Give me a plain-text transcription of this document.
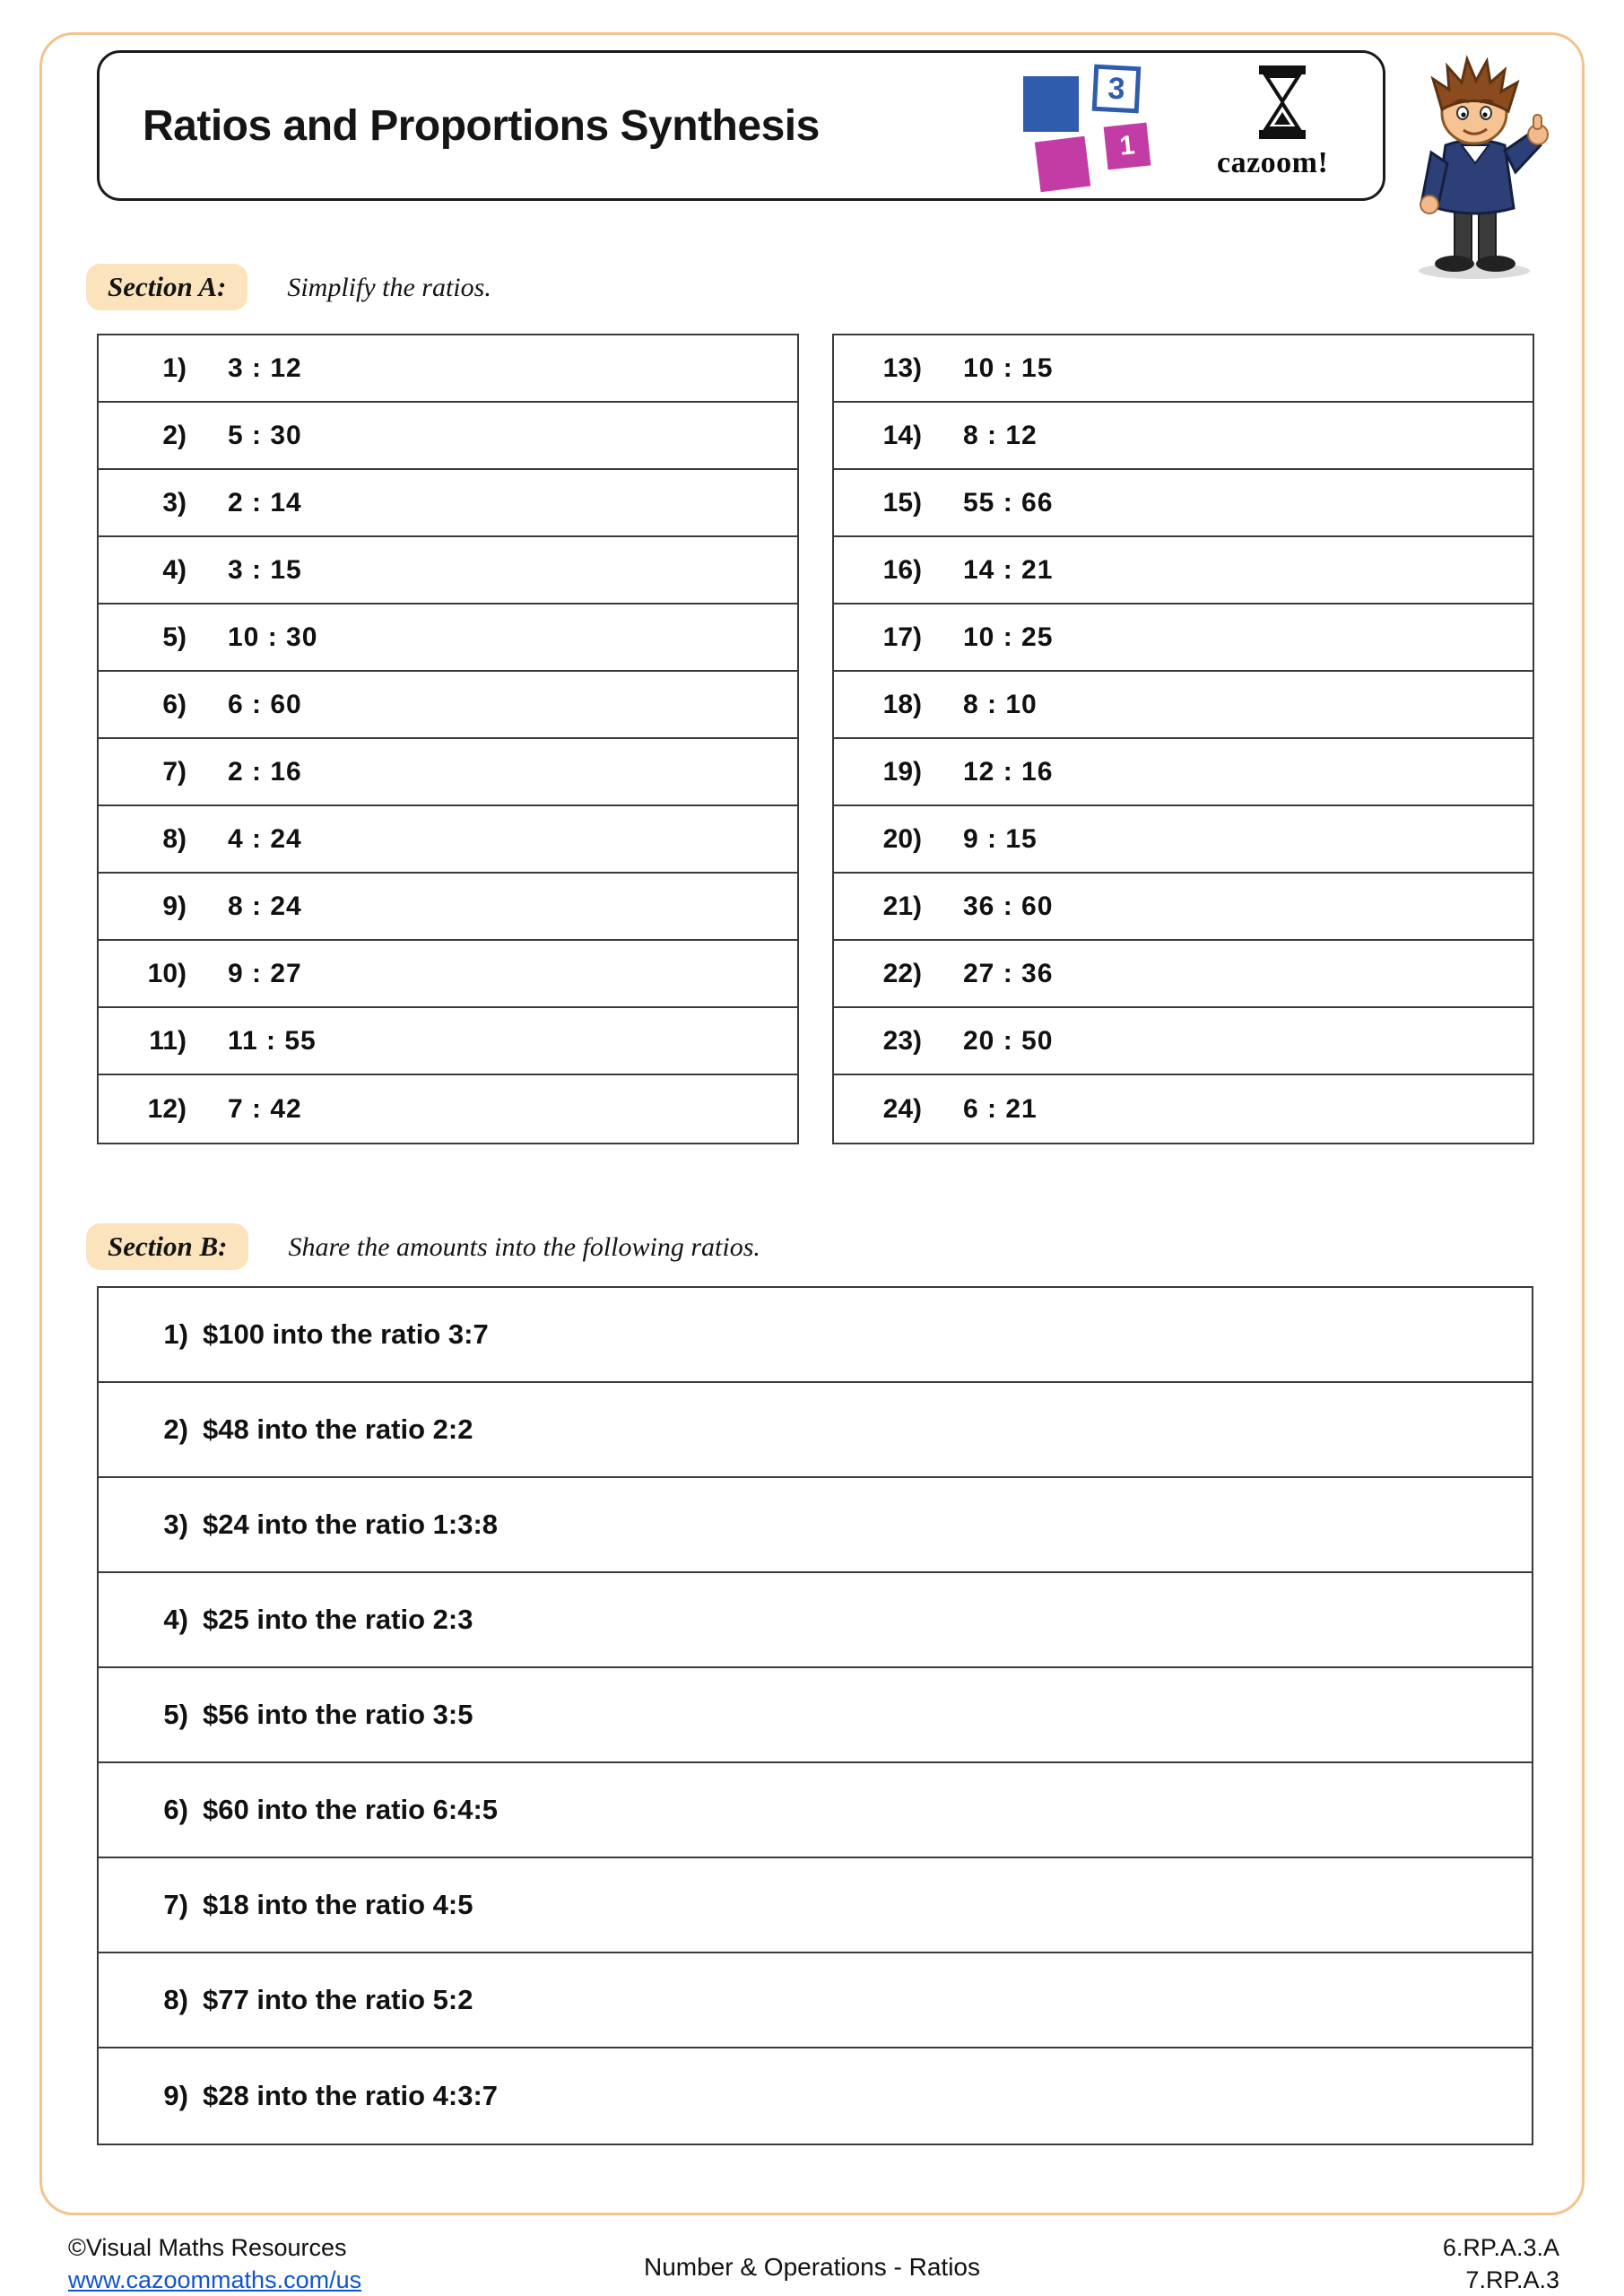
Ratios and Proportions Synthesis
3
1
cazoom!
Section A:	Simplify the ratios.
1) 3 : 12
2) 5 : 30
3) 2 : 14
4) 3 : 15
5) 10 : 30
6) 6 : 60
7) 2 : 16
8) 4 : 24
9) 8 : 24
10) 9 : 27
11) 11 : 55
12) 7 : 42
13) 10 : 15
14) 8 : 12
15) 55 : 66
16) 14 : 21
17) 10 : 25
18) 8 : 10
19) 12 : 16
20) 9 : 15
21) 36 : 60
22) 27 : 36
23) 20 : 50
24) 6 : 21
Section B:	Share the amounts into the following ratios.
1) $100 into the ratio 3:7
2) $48 into the ratio 2:2
3) $24 into the ratio 1:3:8
4) $25 into the ratio 2:3
5) $56 into the ratio 3:5
6) $60 into the ratio 6:4:5
7) $18 into the ratio 4:5
8) $77 into the ratio 5:2
9) $28 into the ratio 4:3:7
©Visual Maths Resources
www.cazoommaths.com/us	Number & Operations - Ratios
6.RP.A.3.A
7.RP.A.3
